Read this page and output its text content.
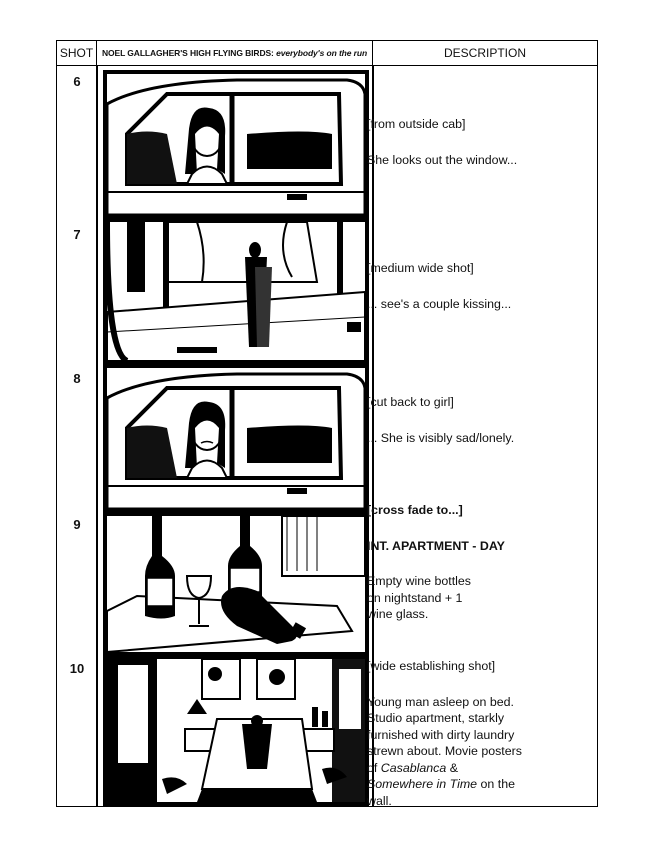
SHOT NOEL GALLAGHER'S HIGH FLYING BIRDS:
everybody's on the run	DESCRIPTION
6
7
8
9
10

[from outside cab]

She looks out the window...

[medium wide shot]

... see's a couple kissing...

[cut back to girl]

... She is visibly sad/lonely.

[cross fade to...]

INT. APARTMENT - DAY

Empty wine bottles on nightstand + 1 wine glass.

[wide establishing shot]

Young man asleep on bed. Studio apartment, starkly furnished with dirty laundry strewn about. Movie posters of Casablanca & Somewhere in Time on the wall.
